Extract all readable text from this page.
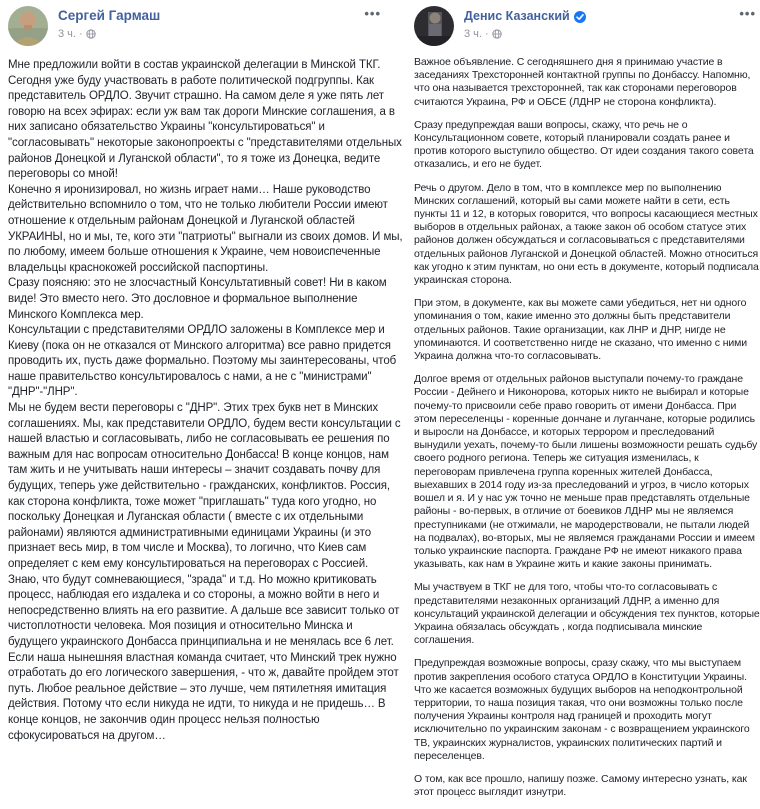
Сергей Гармаш
3 ч. ·
•••

Мне предложили войти в состав украинской делегации в Минской ТКГ. Сегодня уже буду участвовать в работе политической подгруппы. Как представитель ОРДЛО. Звучит страшно. На самом деле я уже пять лет говорю на всех эфирах: если уж вам так дороги Минские соглашения, а в них записано обязательство Украины "консультироваться" и "согласовывать" некоторые законопроекты с "представителями отдельных районов Донецкой и Луганской области", то я тоже из Донецка, ведите переговоры со мной!

Конечно я иронизировал, но жизнь играет нами… Наше руководство действительно вспомнило о том, что не только любители России имеют отношение к отдельным районам Донецкой и Луганской областей УКРАИНЫ, но и мы, те, кого эти "патриоты" выгнали из своих домов. И мы, по любому, имеем больше отношения к Украине, чем новоиспеченные владельцы краснокожей российской паспортины.

Сразу поясняю: это не злосчастный Консультативный совет! Ни в каком виде! Это вместо него. Это дословное и формальное выполнение Минского Комплекса мер.

Консультации с представителями ОРДЛО заложены в Комплексе мер и Киеву (пока он не отказался от Минского алгоритма) все равно придется проводить их, пусть даже формально. Поэтому мы заинтересованы, чтоб наше правительство консультировалось с нами, а не с "министрами" "ДНР"-"ЛНР".

Мы не будем вести переговоры с "ДНР". Этих трех букв нет в Минских соглашениях. Мы, как представители ОРДЛО, будем вести консультации с нашей властью и согласовывать, либо не согласовывать ее решения по важным для нас вопросам относительно Донбасса! В конце концов, нам там жить и не учитывать наши интересы – значит создавать почву для будущих, теперь уже действительно - гражданских, конфликтов. Россия, как сторона конфликта, тоже может "приглашать" туда кого угодно, но поскольку Донецкая и Луганская области ( вместе с их отдельными районами) являются административными единицами Украины (и это признает весь мир, в том числе и Москва), то логично, что Киев сам определяет с кем ему консультироваться на переговорах с Россией.

Знаю, что будут сомневающиеся, "зрада" и т.д. Но можно критиковать процесс, наблюдая его издалека и со стороны, а можно войти в него и непосредственно влиять на его развитие. А дальше все зависит только от чистоплотности человека. Моя позиция и относительно Минска и будущего украинского Донбасса принципиальна и не менялась все 6 лет. Если наша нынешняя властная команда считает, что Минский трек нужно отработать до его логического завершения, - что ж, давайте пройдем этот путь. Любое реальное действие – это лучше, чем пятилетняя имитация действия. Потому что если никуда не идти, то никуда и не придешь… В конце концов, не закончив один процесс нельзя полностью сфокусироваться на другом…

Денис Казанский
3 ч. ·
•••

Важное объявление. С сегодняшнего дня я принимаю участие в заседаниях Трехсторонней контактной группы по Донбассу. Напомню, что она называется трехсторонней, так как сторонами переговоров считаются Украина, РФ и ОБСЕ (ЛДНР не сторона конфликта).

Сразу предупреждая ваши вопросы, скажу, что речь не о Консультационном совете, который планировали создать ранее и против которого выступило общество. От идеи создания такого совета отказались, и его не будет.

Речь о другом. Дело в том, что в комплексе мер по выполнению Минских соглашений, который вы сами можете найти в сети, есть пункты 11 и 12, в которых говорится, что вопросы касающиеся местных выборов в отдельных районах, а также закон об особом статусе этих районов должен обсуждаться и согласовываться с представителями отдельных районов Луганской и Донецкой областей. Можно относиться как угодно к этим пунктам, но они есть в документе, который подписала украинская сторона.

При этом, в документе, как вы можете сами убедиться, нет ни одного упоминания о том, какие именно это должны быть представители отдельных районов. Такие организации, как ЛНР и ДНР, нигде не упоминаются. И соответственно нигде не сказано, что именно с ними Украина должна что-то согласовывать.

Долгое время от отдельных районов выступали почему-то граждане России - Дейнего и Никонорова, которых никто не выбирал и которые почему-то присвоили себе право говорить от имени Донбасса. При этом переселенцы - коренные дончане и луганчане, которые родились и выросли на Донбассе, и которых террором и преследований вынудили уехать, почему-то были лишены возможности решать судьбу своего родного региона. Теперь же ситуация изменилась, к переговорам привлечена группа коренных жителей Донбасса, выехавших в 2014 году из-за преследований и угроз, в число которых вошел и я. И у нас уж точно не меньше прав представлять отдельные районы - во-первых, в отличие от боевиков ЛДНР мы не являемся преступниками (не отжимали, не мародерствовали, не пытали людей на подвалах), во-вторых, мы не являемся гражданами России и имеем только украинские паспорта. Граждане РФ не имеют никакого права указывать, как нам в Украине жить и какие законы принимать.

Мы участвуем в ТКГ не для того, чтобы что-то согласовывать с представителями незаконных организаций ЛДНР, а именно для консультаций украинской делегации и обсуждения тех пунктов, которые Украина обязалась обсуждать , когда подписывала минские соглашения.

Предупреждая возможные вопросы, сразу скажу, что мы выступаем против закрепления особого статуса ОРДЛО в Конституции Украины. Что же касается возможных будущих выборов на неподконтрольной территории, то наша позиция такая, что они возможны только после получения Украины контроля над границей и проходить могут исключительно по украинским законам - с возвращением украинского ТВ, украинских журналистов, украинских политических партий и переселенцев.

О том, как все прошло, напишу позже. Самому интересно узнать, как этот процесс выглядит изнутри.
